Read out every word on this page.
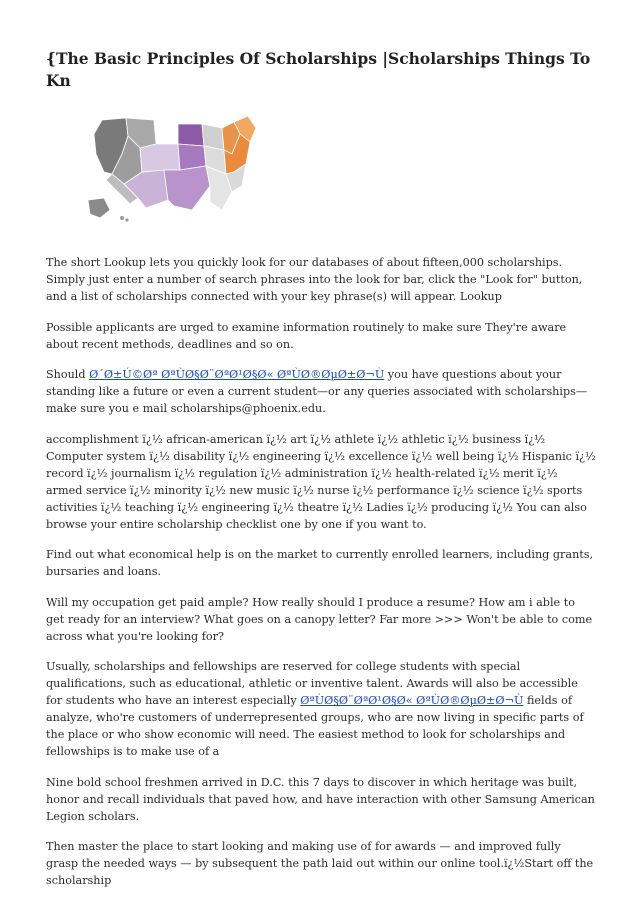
{The Basic Principles Of Scholarships |Scholarships Things To Kn

The short Lookup lets you quickly look for our databases of about fifteen,000 scholarships. Simply just enter a number of search phrases into the look for bar, click the "Look for" button, and a list of scholarships connected with your key phrase(s) will appear. Lookup

Possible applicants are urged to examine information routinely to make sure They're aware about recent methods, deadlines and so on.

Should Ø´Ø±Ú©Øª ØªÙØ§Ø¨ØªØ¹Ø§Ø« ØªÙØ®ØµØ±Ø¬Ù you have questions about your standing like a future or even a current student—or any queries associated with scholarships—make sure you e mail scholarships@phoenix.edu.

accomplishment ï¿½ african-american ï¿½ art ï¿½ athlete ï¿½ athletic ï¿½ business ï¿½ Computer system ï¿½ disability ï¿½ engineering ï¿½ excellence ï¿½ well being ï¿½ Hispanic ï¿½ record ï¿½ journalism ï¿½ regulation ï¿½ administration ï¿½ health-related ï¿½ merit ï¿½ armed service ï¿½ minority ï¿½ new music ï¿½ nurse ï¿½ performance ï¿½ science ï¿½ sports activities ï¿½ teaching ï¿½ engineering ï¿½ theatre ï¿½ Ladies ï¿½ producing ï¿½ You can also browse your entire scholarship checklist one by one if you want to.

Find out what economical help is on the market to currently enrolled learners, including grants, bursaries and loans.

Will my occupation get paid ample? How really should I produce a resume? How am i able to get ready for an interview? What goes on a canopy letter? Far more >>> Won't be able to come across what you're looking for?

Usually, scholarships and fellowships are reserved for college students with special qualifications, such as educational, athletic or inventive talent. Awards will also be accessible for students who have an interest especially ØªÙØ§Ø¨ØªØ¹Ø§Ø« ØªÙØ®ØµØ±Ø¬Ù fields of analyze, who're customers of underrepresented groups, who are now living in specific parts of the place or who show economic will need. The easiest method to look for scholarships and fellowships is to make use of a

Nine bold school freshmen arrived in D.C. this 7 days to discover in which heritage was built, honor and recall individuals that paved how, and have interaction with other Samsung American Legion scholars.

Then master the place to start looking and making use of for awards — and improved fully grasp the needed ways — by subsequent the path laid out within our online tool.ï¿½Start off the scholarship
